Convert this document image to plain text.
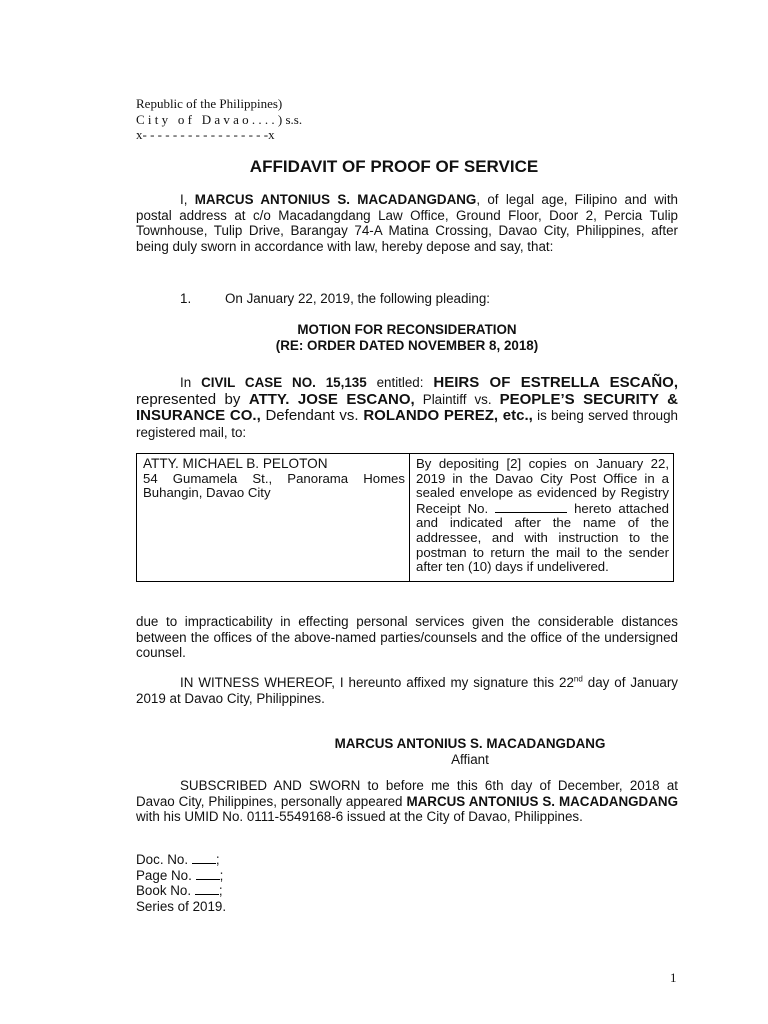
Republic of the Philippines)
C i t y   o f   D a v a o . . . . ) s.s.
x- - - - - - - - - - - - - - - - -x
AFFIDAVIT OF PROOF OF SERVICE
I, MARCUS ANTONIUS S. MACADANGDANG, of legal age, Filipino and with postal address at c/o Macadangdang Law Office, Ground Floor, Door 2, Percia Tulip Townhouse, Tulip Drive, Barangay 74-A Matina Crossing, Davao City, Philippines, after being duly sworn in accordance with law, hereby depose and say, that:
1.	On January 22, 2019, the following pleading:
MOTION FOR RECONSIDERATION
(RE: ORDER DATED NOVEMBER 8, 2018)
In CIVIL CASE NO. 15,135 entitled: HEIRS OF ESTRELLA ESCAÑO, represented by ATTY. JOSE ESCANO, Plaintiff vs. PEOPLE’S SECURITY & INSURANCE CO., Defendant vs. ROLANDO PEREZ, etc., is being served through registered mail, to:
ATTY. MICHAEL B. PELOTON
54 Gumamela St., Panorama Homes Buhangin, Davao City
	By depositing [2] copies on January 22, 2019 in the Davao City Post Office in a sealed envelope as evidenced by Registry Receipt No.	hereto attached and indicated after the name of the addressee, and with instruction to the postman to return the mail to the sender after ten (10) days if undelivered.
due to impracticability in effecting personal services given the considerable distances between the offices of the above-named parties/counsels and the office of the undersigned counsel.
IN WITNESS WHEREOF, I hereunto affixed my signature this 22nd day of January 2019 at Davao City, Philippines.
MARCUS ANTONIUS S. MACADANGDANG
Affiant
SUBSCRIBED AND SWORN to before me this 6th day of December, 2018 at Davao City, Philippines, personally appeared MARCUS ANTONIUS S. MACADANGDANG with his UMID No. 0111-5549168-6 issued at the City of Davao, Philippines.
Doc. No. ;
Page No. ;
Book No. ;
Series of 2019.
1
